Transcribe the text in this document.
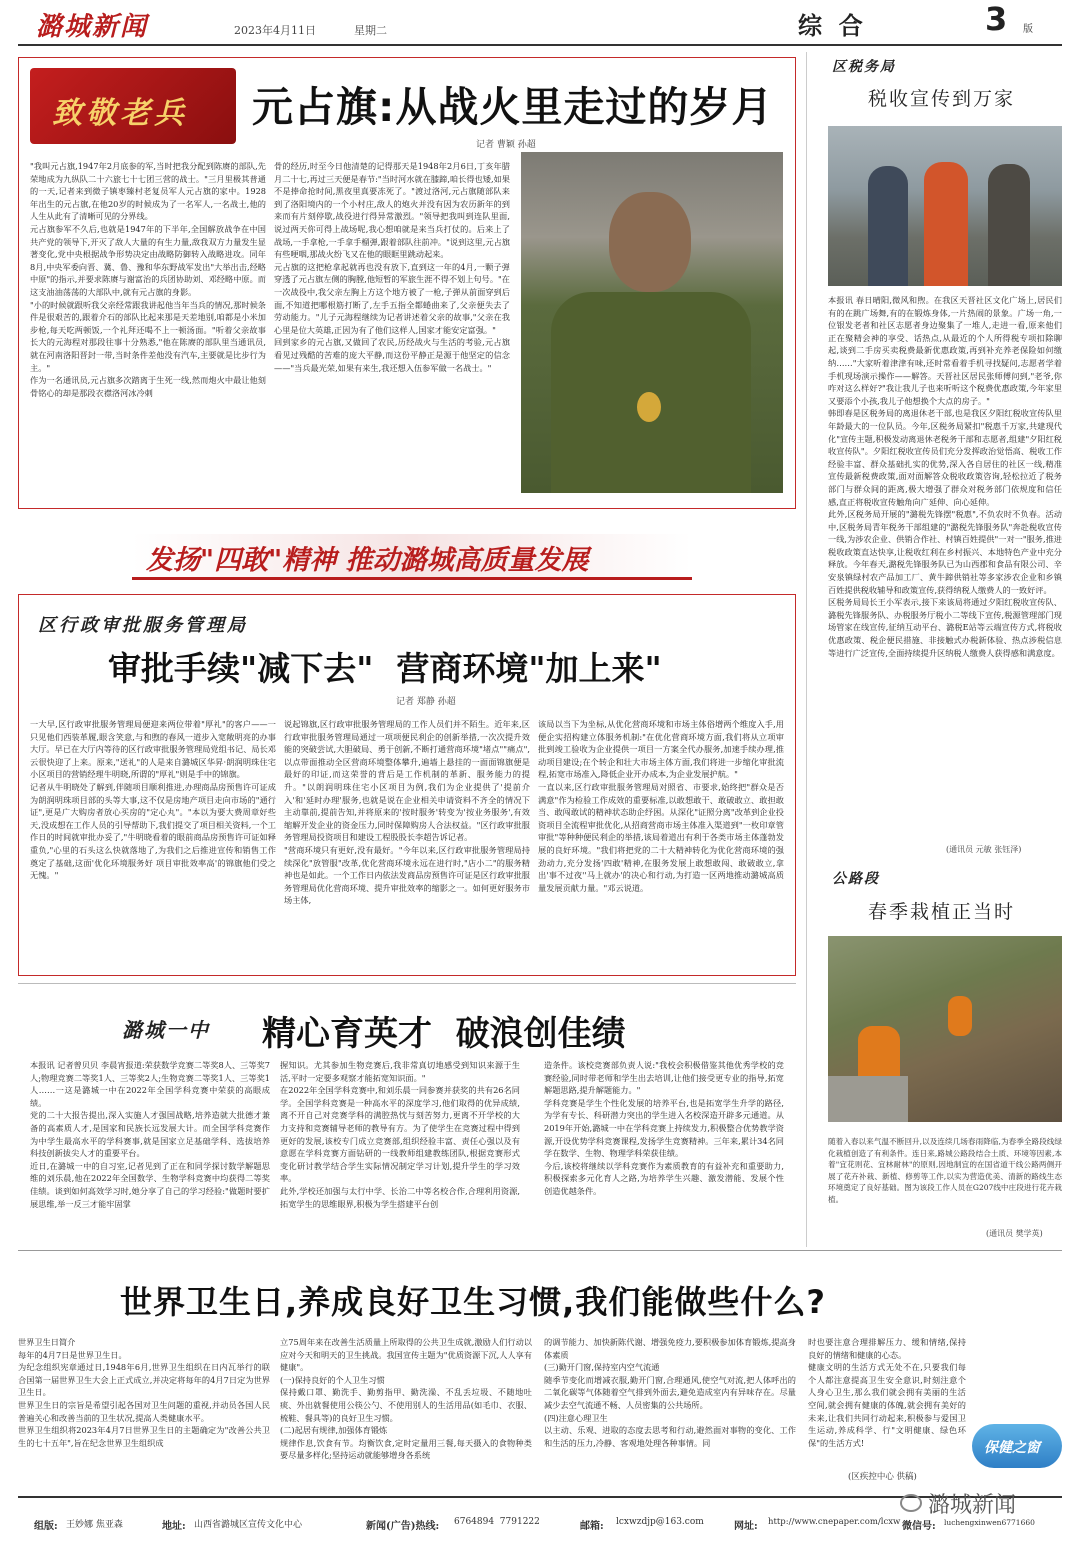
潞城新闻	2023年4月11日	星期二	综  合	3 版
致敬老兵 元占旗:从战火里走过的岁月
记者 曹颖 孙超
"我叫元占旗,1947年2月底参的军,当时把我分配到陈赓的部队,先荣地成为九纵队二十六旅七十七团三营的战士。"三月里极其普通的一天,记者来到微子镇枣臻村老复员军人元占旗的家中。1928年出生的元占旗,在他20岁的时候成为了一名军人,一名战士,他的人生从此有了清晰可见的分界线。
元占旗参军不久后,也就是1947年的下半年,全国解放战争在中国共产党的领导下,开灭了敌人大量的有生力量,敌我双方力量发生显著变化,党中央根据战争形势决定由战略防御转入战略进攻。同年8月,中央军委向晋、冀、鲁、豫和华东野战军发出"大举出击,经略中原"的指示,并要求陈赓与谢富治的兵团协助刘、邓经略中原。而这支油油荡荡的大部队中,就有元占旗的身影。
"小的时候就跟听我父亲经常跟我讲起他当年当兵的情况,那时候条件是很艰苦的,跟着介石的部队比起来那是天差地别,咱都是小米加步枪,每天吃两顿饭,一个礼拜还喝不上一顿汤面。"听着父亲故事长大的元海程对那段往事十分熟悉,"他在陈赓的部队里当通讯员,就在河南洛阳晋封一带,当时条件差他没有汽车,主要就是比步行为主。"
作为一名通讯员,元占旗多次踏离于生死一线,然而炮火中最让他刻骨铭心的却是那段衣襟洛河冰冷刺
骨的经历,时至今日他清楚的记得那天是1948年2月6日,丁亥年腊月二十七,再过三天便是春节:"当时河水就在膝蹄,咱长得也矮,如果不是捧命抢时间,黑夜里真要冻死了。"渡过洛河,元占旗随部队来到了洛阳境内的一个小村庄,敌人的炮火并没有因为农历新年的到来而有片刻停歇,战役进行得异常激烈。"领导把我叫到连队里面,说过两天你可得上战场呢,我心想咱就是来当兵打仗的。后来上了战场,一手拿枪,一手拿手榴弹,跟着部队往前冲。"说到这里,元占旗有些哽咽,那战火纷飞又在他的眼眶里跳动起来。
元占旗的这把枪拿起就再也没有放下,直到这一年的4月,一颗子弹穿透了元占旗左侧的胸膛,他短暂的军旅生涯不得不划上句号。"在一次战役中,我父亲左胸上方这个地方被了一枪,子弹从前面穿到后面,不知道把哪根筋打断了,左手五指全都蜷曲来了,父亲便失去了劳动能力。"儿子元海程继续为记者讲述着父亲的故事,"父亲在我心里是位大英雄,正因为有了他们这样人,国家才能安定富强。"
回到家乡的元占旗,又做回了农民,历经战火与生活的考验,元占旗看见过残酷的苦难的庞大平静,而这份平静正是源于他坚定的信念——"当兵最光荣,如果有来生,我还想入伍参军做一名战士。"
发扬"四敢"精神 推动潞城高质量发展
区行政审批服务管理局
审批手续"减下去"  营商环境"加上来"
记者 郑静 孙超
一大早,区行政审批服务管理局便迎来两位带着"厚礼"的客户——一只见他们西装革履,眼含笑意,与和煦的春风一道步入宽敞明亮的办事大厅。早已在大厅内等待的区行政审批服务管理局党组书记、局长邓云很快迎了上来。原来,"送礼"的人是来自潞城区华昇·朗润明珠住宅小区项目的营销经理牛明晓,所谓的"厚礼"则是手中的锦旗。
记者从牛明晓处了解到,伴随项目顺利推进,办理商品房预售许可证成为朗润明珠项目部的头等大事,这不仅是房地产项目走向市场的"通行证",更是广大购房者放心买房的"定心丸"。"本以为要大费周章好些天,没成想在工作人员的引导帮助下,我们提交了项目相关资料,一个工作日的时间就审批办妥了,"牛明晓看着的眼前商品房预售许可证如释重负,"心里的石头这么快就落地了,为我们之后推进宣传和销售工作奠定了基础,这面'优化环境服务好 项目审批效率高'的锦旗他们受之无愧。"
说起锦旗,区行政审批服务管理局的工作人员们并不陌生。近年来,区行政审批服务管理局通过一项项便民利企的创新举措,一次次提升效能的突破尝试,大胆破局、勇于创新,不断打通营商环境"堵点""痛点",以点带面推动全区营商环境整体攀升,遍墙上悬挂的一面面锦旗便是最好的印证,而这荣誉的背后是工作机制的革新、服务能力的提升。"以朗润明珠住宅小区项目为例,我们为企业提供了'提前介入'和'延时办理'服务,也就是说在企业相关申请资料不齐全的情况下主动靠前,提前告知,并将原来的'按时服务'转变为'按业务服务',有效缩解开发企业的资金压力,同时保障购房人合法权益。"区行政审批服务管理局投资项目和建设工程股股长李超告诉记者。
"营商环境只有更好,没有最好。"今年以来,区行政审批服务管理局持续深化"放管服"改革,优化营商环境永远在进行时,"店小二"的服务精神也是如此。一个工作日内依法发商品房预售许可证是区行政审批服务管理局优化营商环境、提升审批效率的缩影之一。如何更好服务市场主体,
该局以当下为坐标,从优化营商环境和市场主体俗增两个维度入手,用便企实招构建立体服务机制:"在优化营商环境方面,我们将从立项审批到竣工验收为企业提供一项目一方案全代办服务,加速手续办理,推动项目建设;在个转企和壮大市场主体方面,我们将进一步缩化审批流程,拓宽市场准入,降低企业开办成本,为企业发展护航。"
一直以来,区行政审批服务管理局对照省、市要求,始终把"群众是否满意"作为检验工作成效的重要标准,以敢想敢干、敢破敢立、敢担敢当、敢闯敢试的精神状态助企纾困。从深化"证照分离"改革到企业投资项目全流程审批优化,从招商营商市场主体准入渠道到"一枚印章管审批"等种种便民利企的举措,该局着道出有利于各类市场主体蓬勃发展的良好环境。"我们将把党的二十大精神转化为优化营商环境的强劲动力,充分发扬'四敢'精神,在服务发展上敢想敢闯、敢破敢立,拿出'事不过夜''马上就办'的决心和行动,为打造一区两地推动潞城高质量发展贡献力量。"邓云说道。
潞城一中 精心育英才  破浪创佳绩
本报讯 记者曾贝贝 李晨宵报道:荣获数学竞赛二等奖8人、三等奖7人;物理竞赛二等奖1人、三等奖2人;生物竞赛二等奖1人、三等奖1人……一这是潞城一中在2022年全国学科竞赛中荣获的高眼成绩。
党的二十大报告提出,深入实施人才强国战略,培养造就大批德才兼备的高素质人才,是国家和民族长远发展大计。而全国学科竞赛作为中学生最高水平的学科赛事,就是国家立足基础学科、选拔培养科技创新拔尖人才的重要平台。
近日,在潞城一中的自习室,记者见到了正在和同学探讨数学解题思维的刘乐晨,他在2022年全国数学、生物学科竞赛中均获得二等奖佳绩。谈到如何高效学习时,她分享了自己的学习经验:"做题时要扩展思维,举一反三才能牢固掌
握知识。尤其参加生物竞赛后,我非常真切地感受到知识来源于生活,平时一定要多观察才能拓宽知识面。"
在2022年全国学科竞赛中,和刘乐晨一同参赛并获奖的共有26名同学。全国学科竞赛是一种高水平的深度学习,他们取得的优异成绩,离不开自己对竞赛学科的满腔热忱与刻苦努力,更离不开学校的大力支持和竞赛辅导老师的教导有方。为了使学生在竞赛过程中得到更好的发展,该校专门成立竞赛部,组织经验丰富、责任心强以及有意愿在学科竞赛方面钻研的一线教师组建教练团队,根据竞赛形式变化研讨教学结合学生实际情况制定学习计划,提升学生的学习效率。
此外,学校还加强与太行中学、长治二中等名校合作,合理利用资源,拓宽学生的思维眼界,积极为学生搭建平台创
造条件。该校竞赛部负责人说:"我校会积极借鉴其他优秀学校的竞赛经验,同时带老师和学生出去培训,让他们接受更专业的指导,拓宽解题思路,提升解题能力。"
学科竞赛是学生个性化发展的培养平台,也是拓宽学生升学的路径,为学有专长、科研潜力突出的学生进入名校深造开辟多元通道。从2019年开始,潞城一中在学科竞赛上持续发力,积极整合优势教学资源,开设优势学科竞赛课程,发扬学生竞赛精神。三年来,累计34名同学在数学、生物、物理学科荣获佳绩。
今后,该校将继续以学科竞赛作为素质教育的有益补充和重要助力,积极探索多元化育人之路,为培养学生兴趣、激发潜能、发展个性创造优越条件。
区税务局
税收宣传到万家
本报讯 春日晴阳,微风和煦。在我区天晋社区文化广场上,居民们有的在跳广场舞,有的在锻炼身体,一片热闹的景象。广场一角,一位银发老者和社区志愿者身边聚集了一堆人,走进一看,原来他们正在聚精会神的享受、话热点,从最近的个人所得税专项扣除聊起,谈到二手房买卖税费最新优惠政策,再到补充养老保险如何缴纳……"大家听着津津有味,还时常看着手机寻找疑问,志愿者学着手机现场演示操作——解答。天晋社区居民张师傅问到,"老爷,你咋对这么样好?"我让我儿子也来听听这个税费优惠政策,今年家里又要添个小孩,我儿子他想换个大点的房子。"
韩即春是区税务局的离退休老干部,也是我区夕阳红税收宣传队里年龄最大的一位队员。今年,区税务局紧扣"税惠千万家,共建现代化"宣传主题,积极发动离退休老税务干部和志愿者,组建"夕阳红税收宣传队"。夕阳红税收宣传员们充分发挥政治觉悟高、税收工作经验丰富、群众基础扎实的优势,深入各自居住的社区一线,精准宣传最新税费政策,面对面解答众税收政策咨询,轻松拉近了税务部门与群众间的距离,极大增强了群众对税务部门依规度和信任感,直正将税收宣传触角向广延伸、向心延伸。
此外,区税务局开展的"潞税先锋摆"税惠",不负农时不负春。活动中,区税务局青年税务干部组建的"潞税先锋服务队"奔赴税收宣传一线,为涉农企业、供销合作社、村镇百姓提供"一对一"服务,推进税收政策直达快享,让税收红利在乡村振兴、本地特色产业中充分释放。今年春天,潞税先锋服务队已为山西郡和食品有限公司、辛安泉镇绿村农产品加工厂、黄牛蹄供销社等多家涉农企业和乡镇百姓提供税收辅导和政策宣传,获得纳税人缴费人的一致好评。
区税务局局长王小军表示,接下来该局将通过夕阳红税收宣传队、潞税先锋服务队、办税服务厅税小二等线下宣传,税源管理部门现场管家在线宣传,征纳互动平台、潞税E站等云端宣传方式,将税收优惠政策、税企便民措施、非接触式办税新体验、热点涉税信息等进行广泛宣传,全面持续提升区纳税人缴费人获得感和满意度。
(通讯员 元敏 张钰泽)
公路段
春季栽植正当时
随着入春以来气温不断回升,以及连续几场春雨降临,为春季全路段线绿化栽植创造了有利条件。连日来,路城公路段结合土质、环境等因素,本着"宜花则花、宜林耐林"的原则,因地制宜的在国省道干线公路两侧开展了花卉补栽、新植、修剪等工作,以实为营造优美、清新的路线生态环境奠定了良好基础。图为该段工作人员在G207线中庄段进行花卉栽植。
(通讯员 樊学英)
世界卫生日,养成良好卫生习惯,我们能做些什么?
世界卫生日简介
每年的4月7日是世界卫生日。
为纪念组织宪章通过日,1948年6月,世界卫生组织在日内瓦举行的联合国第一届世界卫生大会上正式成立,并决定将每年的4月7日定为世界卫生日。
世界卫生日的宗旨是希望引起各国对卫生问题的重视,并动员各国人民普遍关心和改善当前的卫生状况,提高人类健康水平。
世界卫生组织将2023年4月7日世界卫生日的主题确定为"改善公共卫生的七十五年",旨在纪念世界卫生组织成
立75周年来在改善生活质量上所取得的公共卫生成就,激励人们行动以应对今天和明天的卫生挑战。我国宣传主题为"优质资源下沉,人人享有健康"。
(一)保持良好的个人卫生习惯
保持戴口罩、勤洗手、勤剪指甲、勤洗澡、不乱丢垃圾、不随地吐痰、外出就餐使用公筷公勺、不使用别人的生活用品(如毛巾、衣服、梳鞋、餐具等)的良好卫生习惯。
(二)起居有规律,加强体育锻炼
规律作息,饮食有节。均衡饮食,定时定量用三餐,每天摄入的食物种类要尽量多样化;坚持运动就能够增身各系统
的调节能力、加快新陈代谢、增强免疫力,要积极参加体育锻炼,提高身体素质
(三)勤开门窗,保持室内空气流通
随季节变化而增减衣服,勤开门窗,合理通风,使空气对流,把人体呼出的二氧化碳等气体随着空气排到外面去,避免造成室内有异味存在。尽量减少去空气流通不畅、人员密集的公共场所。
(四)注意心理卫生
以主动、乐观、进取的态度去思考和行动,避然面对事物的变化、工作和生活的压力,冷静、客观地处理各种事情。同
时也要注意合理排解压力、缓和情绪,保持良好的情绪和健康的心态。
健康文明的生活方式无处不在,只要我们每个人都注意提高卫生安全意识,时刻注意个人身心卫生,那么我们就会拥有美丽的生活空间,就会拥有健康的体魄,就会拥有美好的未来,让我们共同行动起来,积极参与爱国卫生运动,养成科学、行"文明健康、绿色环保"的生活方式!
(区疾控中心 供稿)
保健之窗
组版: 王妙娜 焦亚森	地址: 山西省潞城区宣传文化中心	新闻(广告)热线: 6764894  7791222	邮箱: lcxwzdjp@163.com	网址: http://www.cnepaper.com/lcxw 微信号: luchengxinwen6771660
潞城新闻
